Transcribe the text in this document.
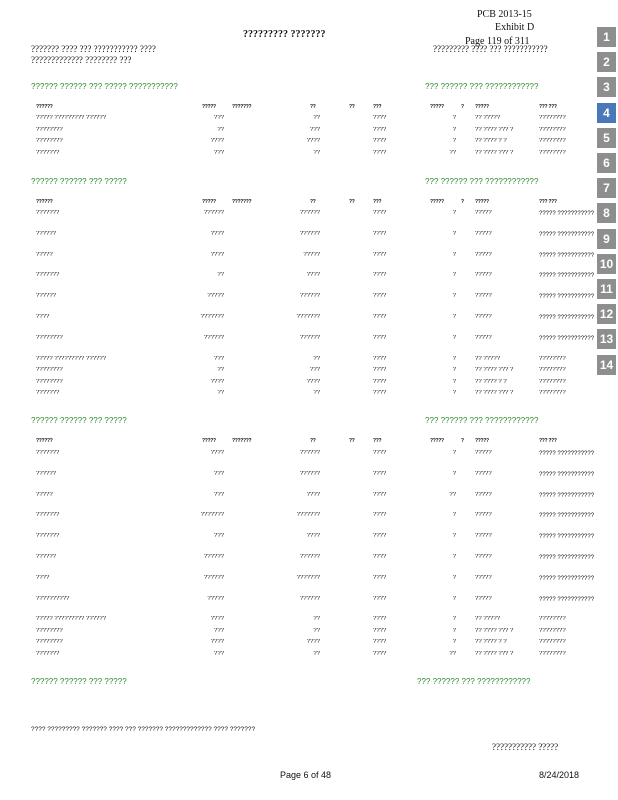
PCB 2013-15
Exhibit D
Page 119 of 311
????????? ???????
??????? ???? ??? ??????????? ????
????????????? ???????? ???
????????? ???? ??? ???????????
1
2
3
4
5
6
7
8
9
10
11
12
13
14
?????? ?????? ??? ????? ???????????	??? ?????? ??? ????????????
??????	?????	???????	??	??	???	?????	? ?????	??? ???
????? ????????? ??????	???	??	????	?	?? ?????	????????
????????	??	???	????	?	?? ???? ??? ?	????????
????????	????	????	????	?	?? ???? ? ?	????????
???????	???	??	????	??	?? ???? ??? ?	????????
?????? ?????? ??? ?????	??? ?????? ??? ????????????
??????	?????	???????	??	??	???	?????	? ?????	??? ???
???????	??????	??????	????	?	?????	????? ???????????
??????	????	??????	????	?	?????	????? ???????????
?????	????	?????	????	?	?????	????? ???????????
???????	??	????	????	?	?????	????? ???????????
??????	?????	??????	????	?	?????	????? ???????????
????	???????	???????	????	?	?????	????? ???????????
????????	??????	??????	????	?	?????	????? ???????????
????? ????????? ??????	???	??	????	?	?? ?????	????????
????????	??	???	????	?	?? ???? ??? ?	????????
????????	????	????	????	?	?? ???? ? ?	????????
???????	??	??	????	?	?? ???? ??? ?	????????
?????? ?????? ??? ?????	??? ?????? ??? ????????????
??????	?????	???????	??	??	???	?????	? ?????	??? ???
???????	????	??????	????	?	?????	????? ???????????
??????	???	??????	????	?	?????	????? ???????????
?????	???	????	????	??	?????	????? ???????????
???????	???????	???????	????	?	?????	????? ???????????
???????	???	????	????	?	?????	????? ???????????
??????	??????	??????	????	?	?????	????? ???????????
????	??????	???????	????	?	?????	????? ???????????
??????????	?????	??????	????	?	?????	????? ???????????
????? ????????? ??????	????	??	????	?	?? ?????	????????
????????	???	??	????	?	?? ???? ??? ?	????????
????????	????	????	????	?	?? ???? ? ?	????????
???????	???	??	????	??	?? ???? ??? ?	????????
?????? ?????? ??? ?????	??? ?????? ??? ????????????
???? ????????? ??????? ???? ??? ??????? ????????????? ???? ???????
??????????? ?????
Page 6 of 48	8/24/2018
